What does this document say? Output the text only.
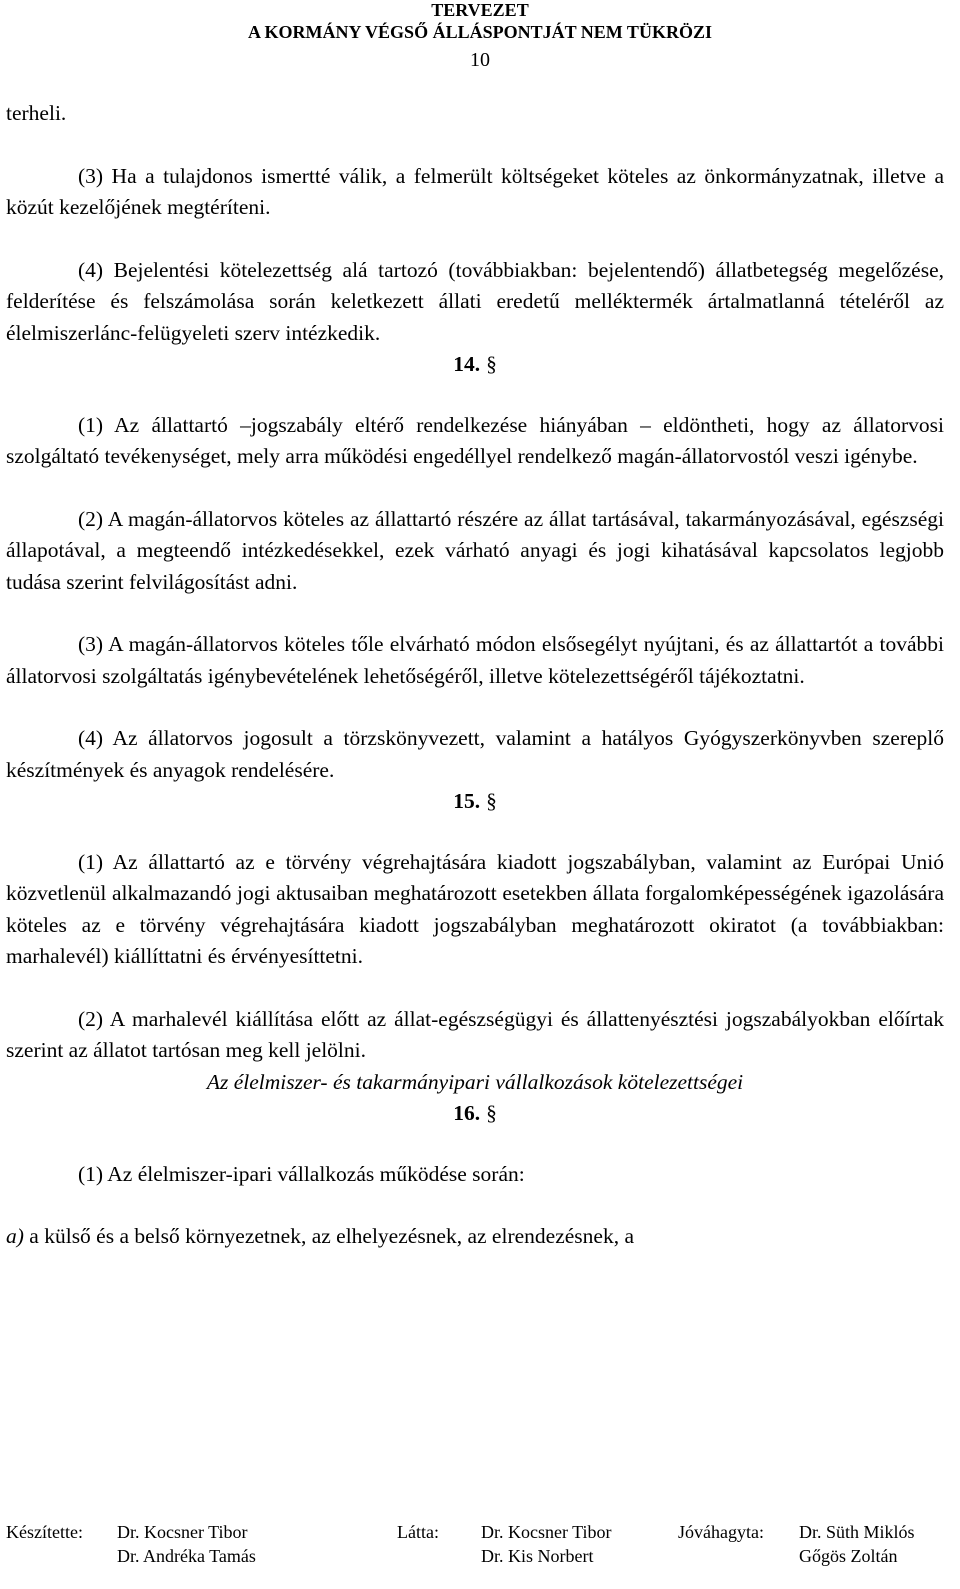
TERVEZET
A KORMÁNY VÉGSŐ ÁLLÁSPONTJÁT NEM TÜKRÖZI
10

terheli.

(3) Ha a tulajdonos ismertté válik, a felmerült költségeket köteles az önkormányzatnak, illetve a közút kezelőjének megtéríteni.

(4) Bejelentési kötelezettség alá tartozó (továbbiakban: bejelentendő) állatbetegség megelőzése, felderítése és felszámolása során keletkezett állati eredetű melléktermék ártalmatlanná tételéről az élelmiszerlánc-felügyeleti szerv intézkedik.

14. §

(1) Az állattartó –jogszabály eltérő rendelkezése hiányában – eldöntheti, hogy az állatorvosi szolgáltató tevékenységet, mely arra működési engedéllyel rendelkező magán-állatorvostól veszi igénybe.

(2) A magán-állatorvos köteles az állattartó részére az állat tartásával, takarmányozásával, egészségi állapotával, a megteendő intézkedésekkel, ezek várható anyagi és jogi kihatásával kapcsolatos legjobb tudása szerint felvilágosítást adni.

(3) A magán-állatorvos köteles tőle elvárható módon elsősegélyt nyújtani, és az állattartót a további állatorvosi szolgáltatás igénybevételének lehetőségéről, illetve kötelezettségéről tájékoztatni.

(4) Az állatorvos jogosult a törzskönyvezett, valamint a hatályos Gyógyszerkönyvben szereplő készítmények és anyagok rendelésére.

15. §

(1) Az állattartó az e törvény végrehajtására kiadott jogszabályban, valamint az Európai Unió közvetlenül alkalmazandó jogi aktusaiban meghatározott esetekben állata forgalomképességének igazolására köteles az e törvény végrehajtására kiadott jogszabályban meghatározott okiratot (a továbbiakban: marhalevél) kiállíttatni és érvényesíttetni.

(2) A marhalevél kiállítása előtt az állat-egészségügyi és állattenyésztési jogszabályokban előírtak szerint az állatot tartósan meg kell jelölni.

Az élelmiszer- és takarmányipari vállalkozások kötelezettségei

16. §

(1) Az élelmiszer-ipari vállalkozás működése során:

a) a külső és a belső környezetnek, az elhelyezésnek, az elrendezésnek, a

Készítette: Dr. Kocsner Tibor
Dr. Andréka Tamás
Látta: Dr. Kocsner Tibor
Dr. Kis Norbert
Jóváhagyta: Dr. Süth Miklós
Gőgös Zoltán
